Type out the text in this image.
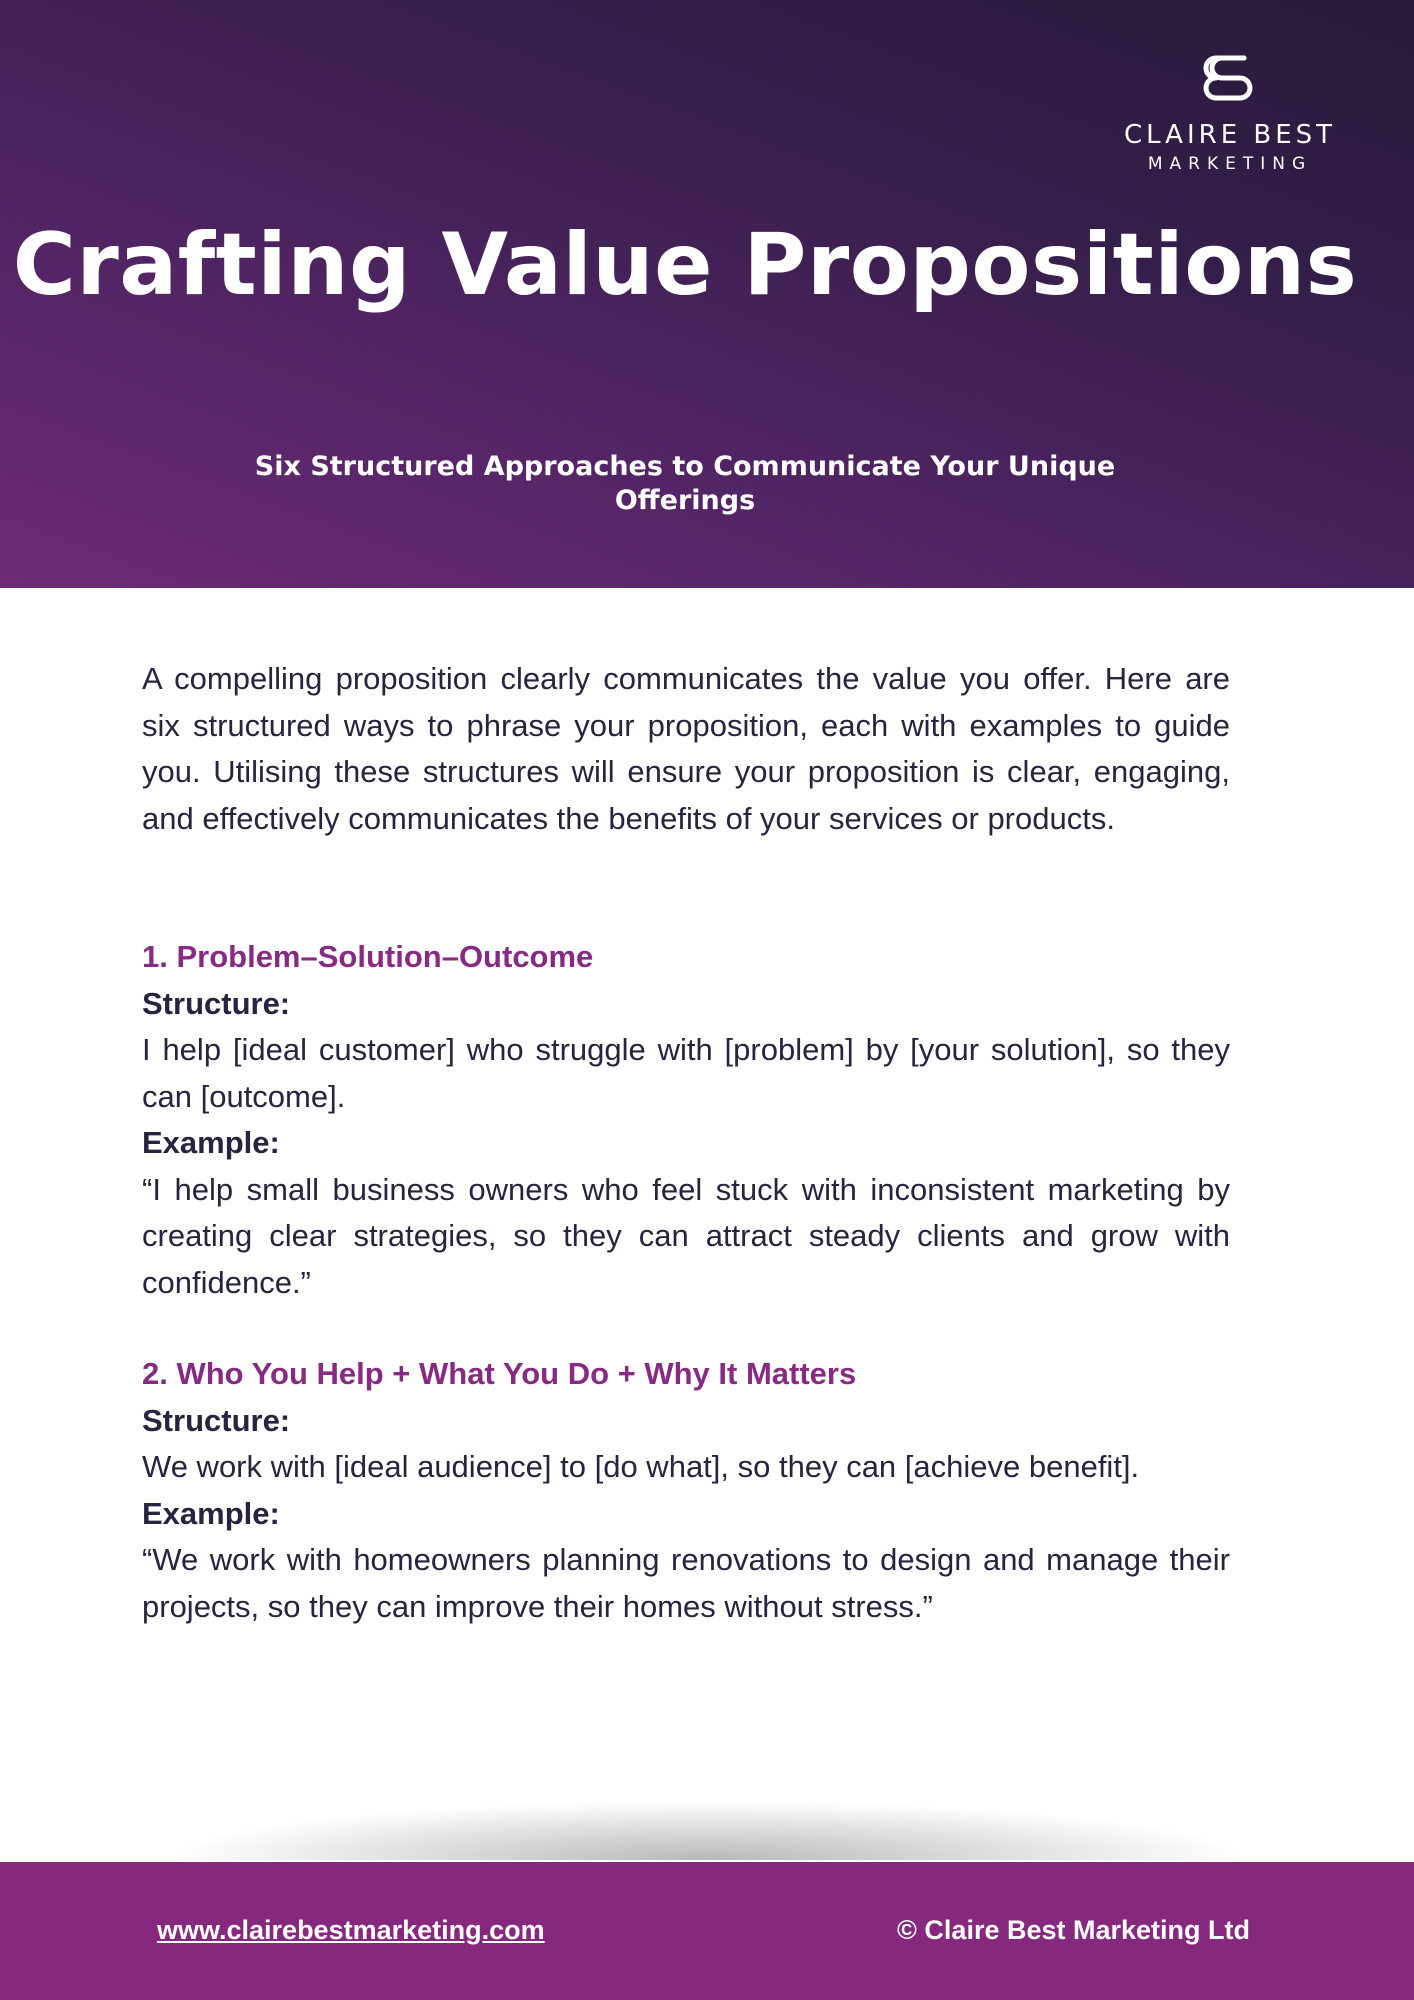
CLAIRE BEST
MARKETING
Crafting Value Propositions
Six Structured Approaches to Communicate Your Unique Offerings

A compelling proposition clearly communicates the value you offer. Here are six structured ways to phrase your proposition, each with examples to guide you. Utilising these structures will ensure your proposition is clear, engaging, and effectively communicates the benefits of your services or products.

1. Problem–Solution–Outcome

Structure:

I help [ideal customer] who struggle with [problem] by [your solution], so they can [outcome].

Example:

“I help small business owners who feel stuck with inconsistent marketing by creating clear strategies, so they can attract steady clients and grow with confidence.”

2. Who You Help + What You Do + Why It Matters

Structure:

We work with [ideal audience] to [do what], so they can [achieve benefit].

Example:

“We work with homeowners planning renovations to design and manage their projects, so they can improve their homes without stress.”

www.clairebestmarketing.com	© Claire Best Marketing Ltd
